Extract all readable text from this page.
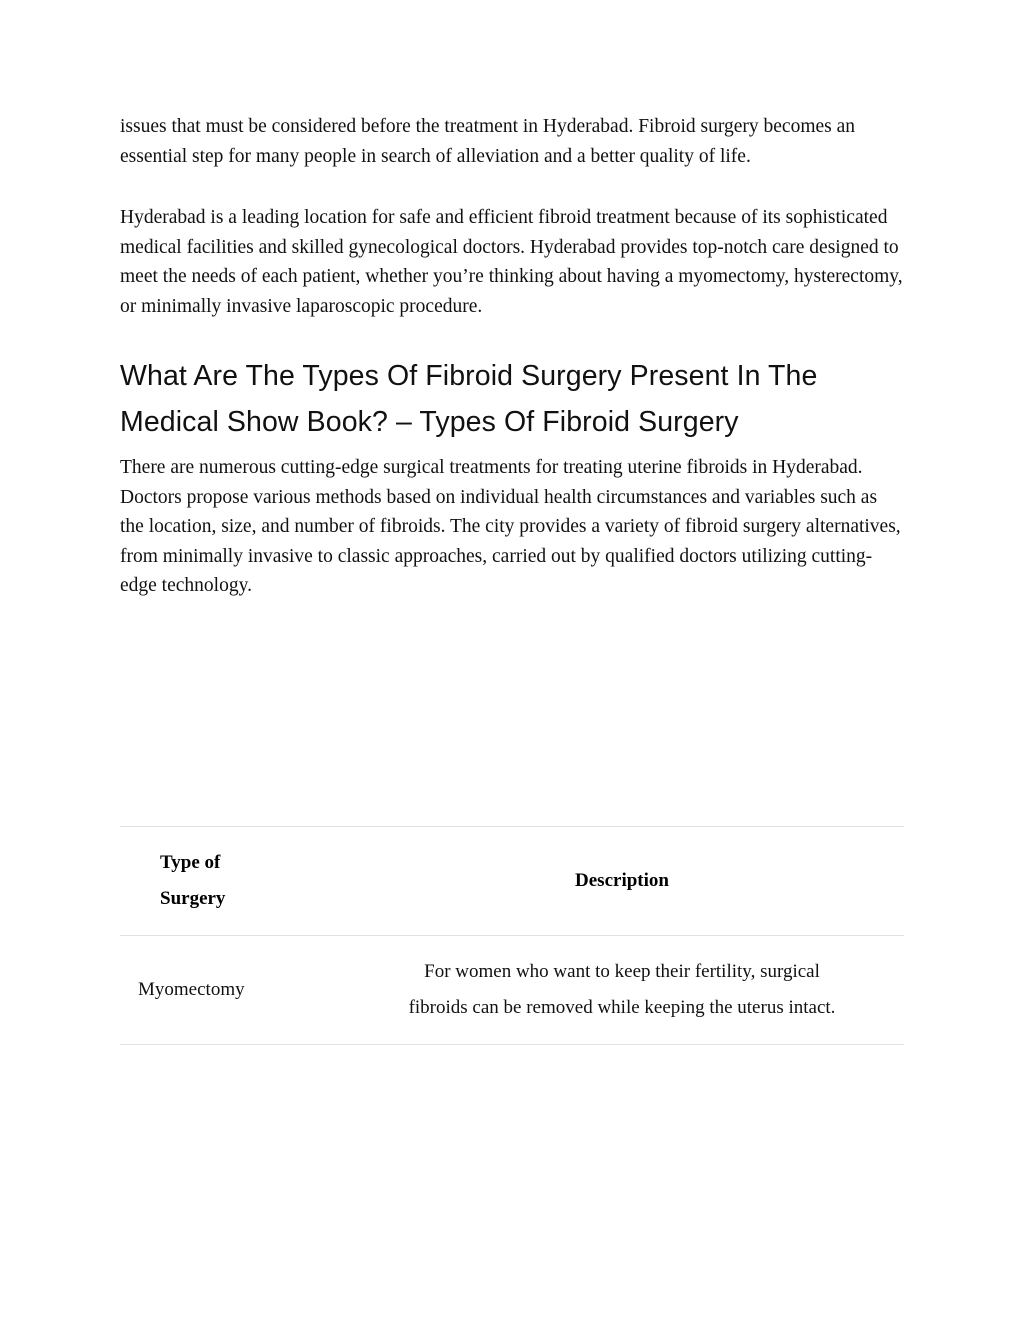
issues that must be considered before the treatment in Hyderabad. Fibroid surgery becomes an essential step for many people in search of alleviation and a better quality of life.

Hyderabad is a leading location for safe and efficient fibroid treatment because of its sophisticated medical facilities and skilled gynecological doctors. Hyderabad provides top-notch care designed to meet the needs of each patient, whether you’re thinking about having a myomectomy, hysterectomy, or minimally invasive laparoscopic procedure.

What Are The Types Of Fibroid Surgery Present In The Medical Show Book? – Types Of Fibroid Surgery

There are numerous cutting-edge surgical treatments for treating uterine fibroids in Hyderabad. Doctors propose various methods based on individual health circumstances and variables such as the location, size, and number of fibroids. The city provides a variety of fibroid surgery alternatives, from minimally invasive to classic approaches, carried out by qualified doctors utilizing cutting-edge technology.

Type of
Surgery	Description
Myomectomy	For women who want to keep their fertility, surgical
fibroids can be removed while keeping the uterus intact.
